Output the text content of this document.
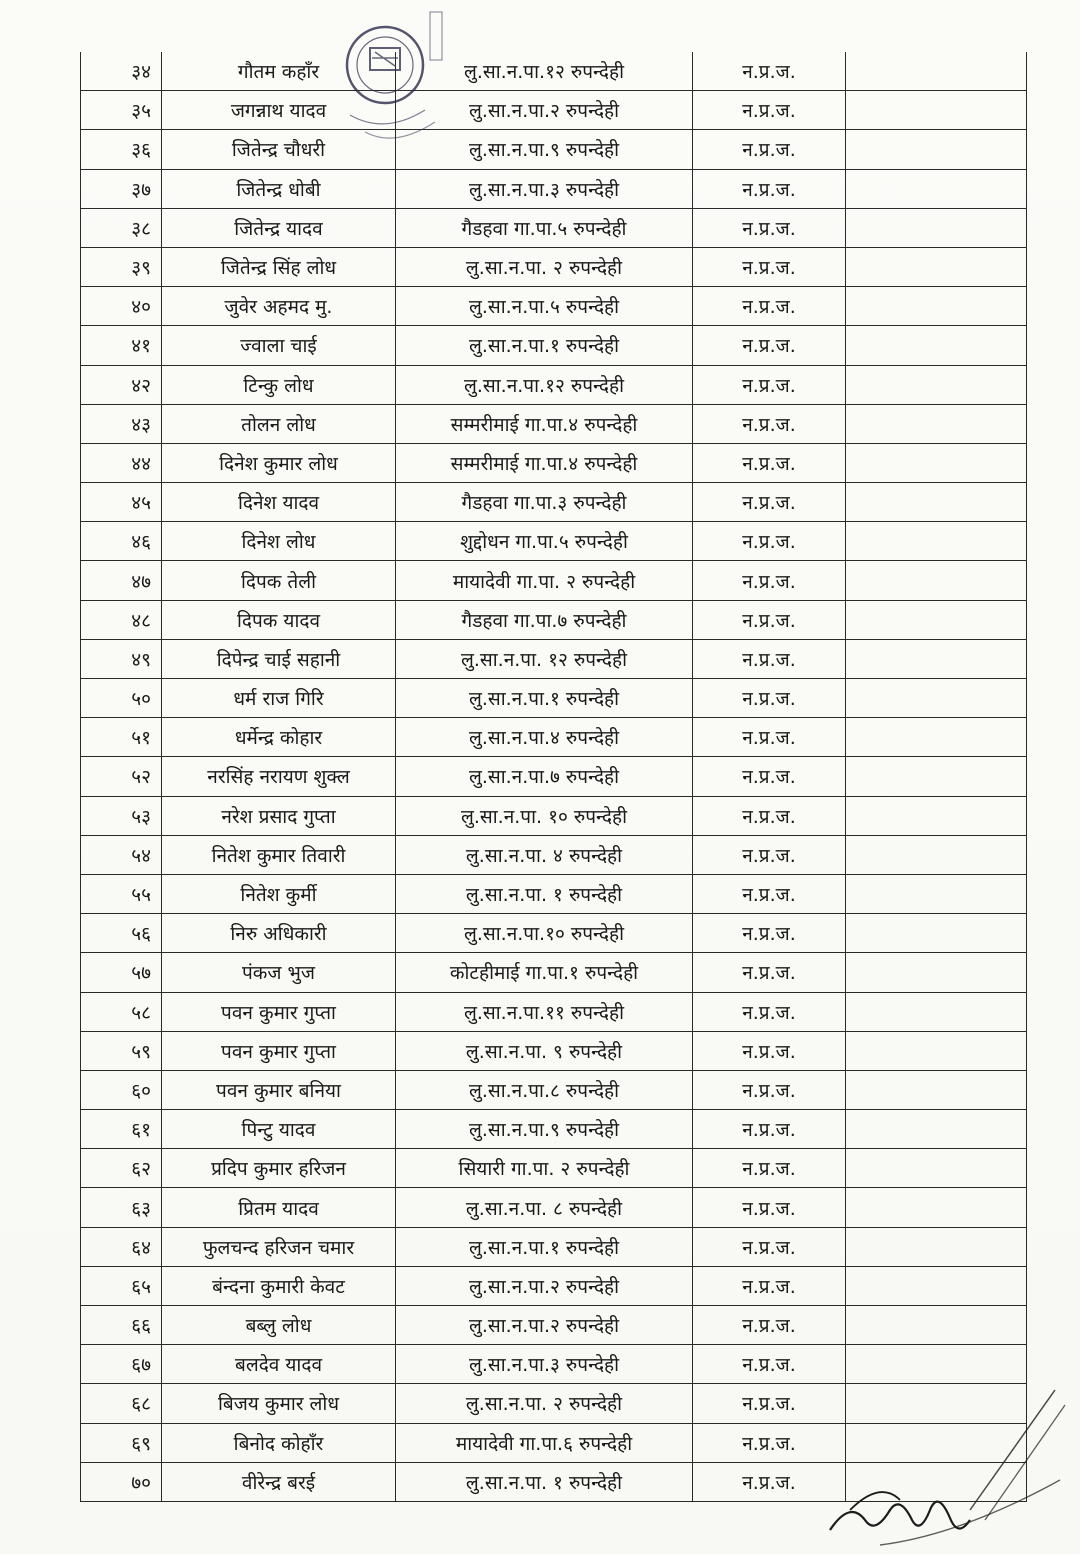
३४	गौतम कहाँर	लु.सा.न.पा.१२ रुपन्देही	न.प्र.ज.	
३५	जगन्नाथ यादव	लु.सा.न.पा.२ रुपन्देही	न.प्र.ज.	
३६	जितेन्द्र चौधरी	लु.सा.न.पा.९ रुपन्देही	न.प्र.ज.	
३७	जितेन्द्र धोबी	लु.सा.न.पा.३ रुपन्देही	न.प्र.ज.	
३८	जितेन्द्र यादव	गैडहवा गा.पा.५ रुपन्देही	न.प्र.ज.	
३९	जितेन्द्र सिंह लोध	लु.सा.न.पा. २ रुपन्देही	न.प्र.ज.	
४०	जुवेर अहमद मु.	लु.सा.न.पा.५ रुपन्देही	न.प्र.ज.	
४१	ज्वाला चाई	लु.सा.न.पा.१ रुपन्देही	न.प्र.ज.	
४२	टिन्कु लोध	लु.सा.न.पा.१२ रुपन्देही	न.प्र.ज.	
४३	तोलन लोध	सम्मरीमाई गा.पा.४ रुपन्देही	न.प्र.ज.	
४४	दिनेश कुमार लोध	सम्मरीमाई गा.पा.४ रुपन्देही	न.प्र.ज.	
४५	दिनेश यादव	गैडहवा गा.पा.३ रुपन्देही	न.प्र.ज.	
४६	दिनेश लोध	शुद्दोधन गा.पा.५ रुपन्देही	न.प्र.ज.	
४७	दिपक तेली	मायादेवी गा.पा. २ रुपन्देही	न.प्र.ज.	
४८	दिपक यादव	गैडहवा गा.पा.७ रुपन्देही	न.प्र.ज.	
४९	दिपेन्द्र चाई सहानी	लु.सा.न.पा. १२ रुपन्देही	न.प्र.ज.	
५०	धर्म राज गिरि	लु.सा.न.पा.१ रुपन्देही	न.प्र.ज.	
५१	धर्मेन्द्र कोहार	लु.सा.न.पा.४ रुपन्देही	न.प्र.ज.	
५२	नरसिंह नरायण शुक्ल	लु.सा.न.पा.७ रुपन्देही	न.प्र.ज.	
५३	नरेश प्रसाद गुप्ता	लु.सा.न.पा. १० रुपन्देही	न.प्र.ज.	
५४	नितेश कुमार तिवारी	लु.सा.न.पा. ४ रुपन्देही	न.प्र.ज.	
५५	नितेश कुर्मी	लु.सा.न.पा. १ रुपन्देही	न.प्र.ज.	
५६	निरु अधिकारी	लु.सा.न.पा.१० रुपन्देही	न.प्र.ज.	
५७	पंकज भुज	कोटहीमाई गा.पा.१ रुपन्देही	न.प्र.ज.	
५८	पवन कुमार गुप्ता	लु.सा.न.पा.११ रुपन्देही	न.प्र.ज.	
५९	पवन कुमार गुप्ता	लु.सा.न.पा. ९ रुपन्देही	न.प्र.ज.	
६०	पवन कुमार बनिया	लु.सा.न.पा.८ रुपन्देही	न.प्र.ज.	
६१	पिन्टु यादव	लु.सा.न.पा.९ रुपन्देही	न.प्र.ज.	
६२	प्रदिप कुमार हरिजन	सियारी गा.पा. २ रुपन्देही	न.प्र.ज.	
६३	प्रितम यादव	लु.सा.न.पा. ८ रुपन्देही	न.प्र.ज.	
६४	फुलचन्द हरिजन चमार	लु.सा.न.पा.१ रुपन्देही	न.प्र.ज.	
६५	बंन्दना कुमारी केवट	लु.सा.न.पा.२ रुपन्देही	न.प्र.ज.	
६६	बब्लु लोध	लु.सा.न.पा.२ रुपन्देही	न.प्र.ज.	
६७	बलदेव यादव	लु.सा.न.पा.३ रुपन्देही	न.प्र.ज.	
६८	बिजय कुमार लोध	लु.सा.न.पा. २ रुपन्देही	न.प्र.ज.	
६९	बिनोद कोहाँर	मायादेवी गा.पा.६ रुपन्देही	न.प्र.ज.	
७०	वीरेन्द्र बरई	लु.सा.न.पा. १ रुपन्देही	न.प्र.ज.	
